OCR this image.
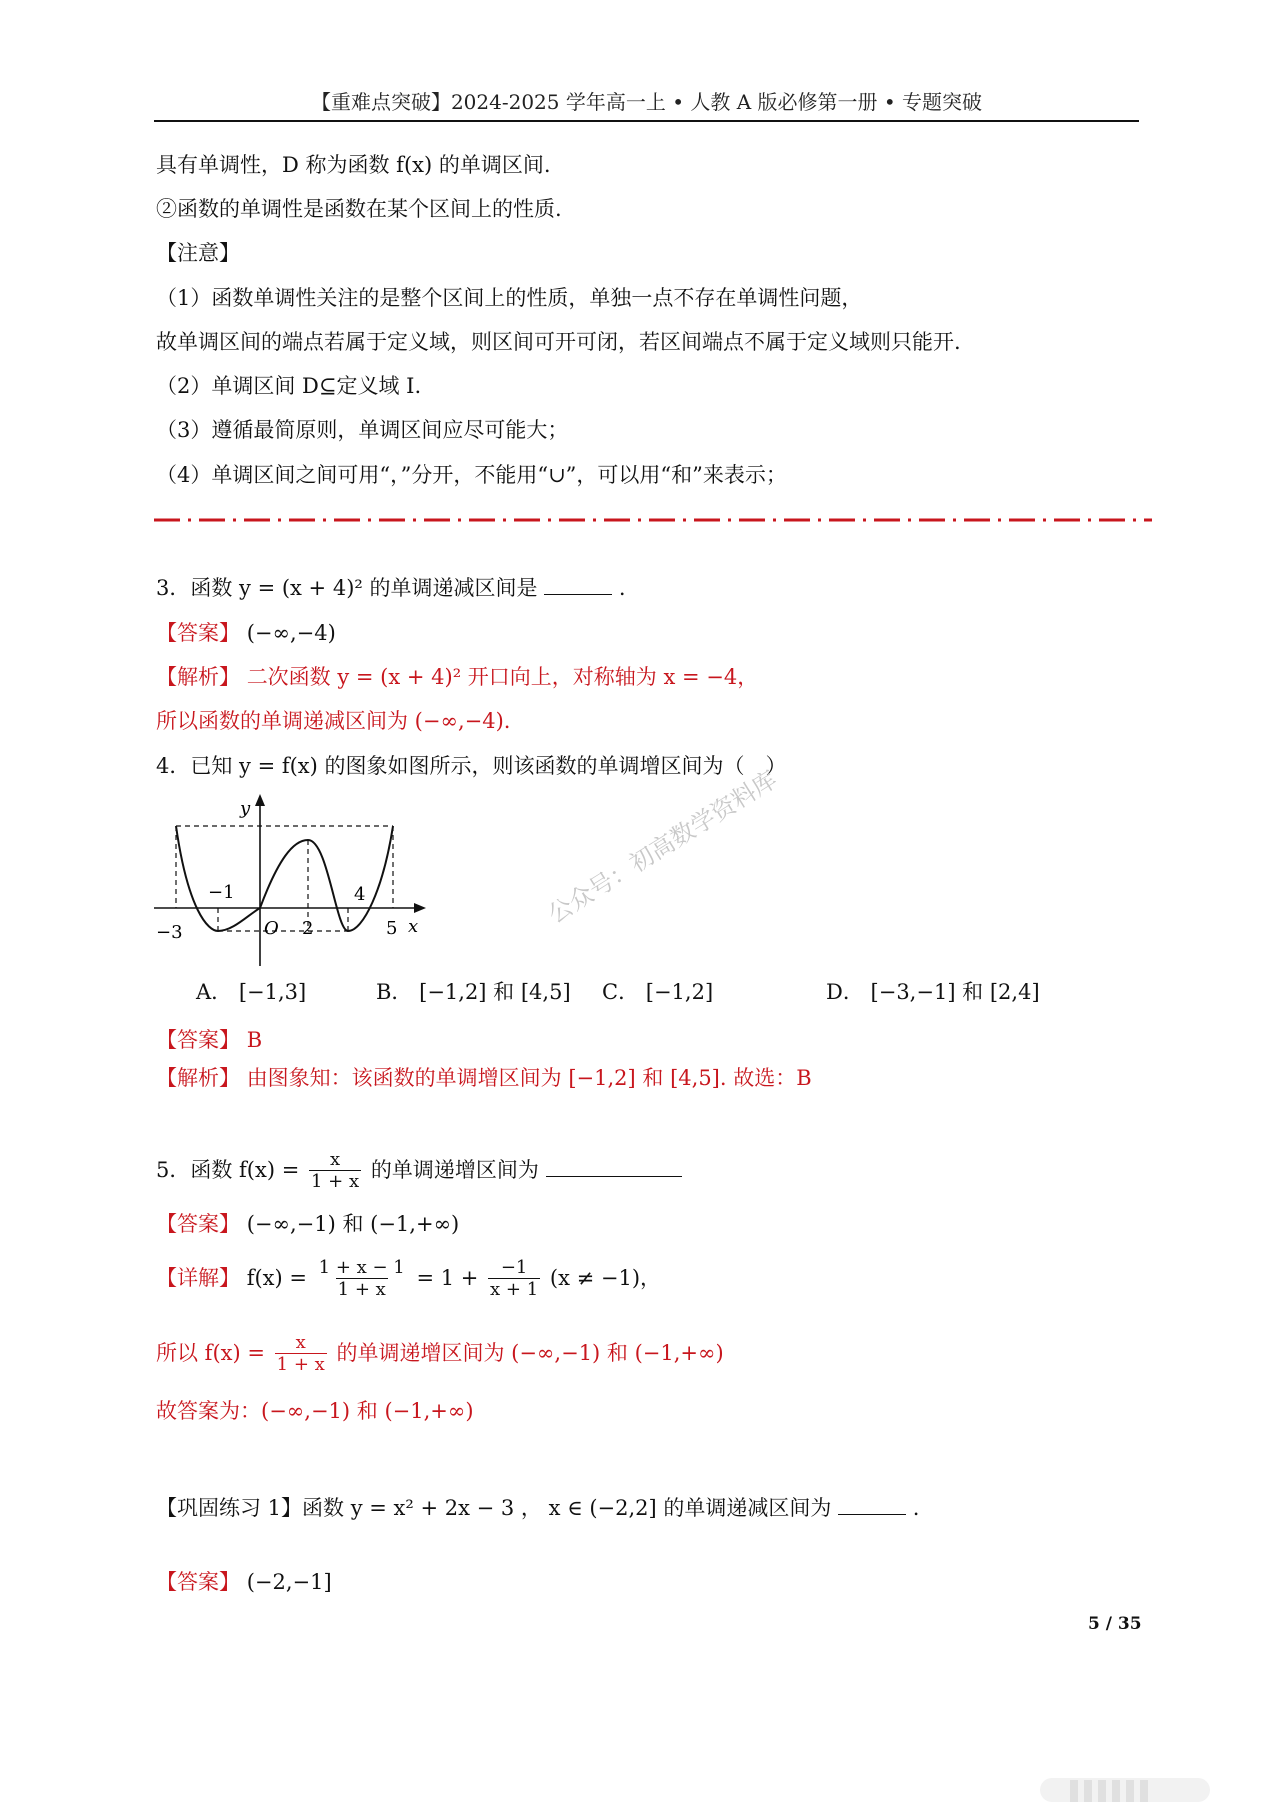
【重难点突破】2024-2025 学年高一上 • 人教 A 版必修第一册 • 专题突破
具有单调性，D 称为函数 f(x) 的单调区间.
②函数的单调性是函数在某个区间上的性质.
【注意】
（1）函数单调性关注的是整个区间上的性质，单独一点不存在单调性问题，
故单调区间的端点若属于定义域，则区间可开可闭，若区间端点不属于定义域则只能开.
（2）单调区间 D⊆定义域 I.
（3）遵循最简原则，单调区间应尽可能大；
（4）单调区间之间可用“，”分开，不能用“∪”，可以用“和”来表示；
3．函数 y = (x + 4)² 的单调递减区间是	.
【答案】 (−∞,−4)
【解析】 二次函数 y = (x + 4)² 开口向上，对称轴为 x = −4，
所以函数的单调递减区间为 (−∞,−4).
4．已知 y = f(x) 的图象如图所示，则该函数的单调增区间为（　）
y
x
O
−3
−1
2
4
5	公众号：初高数学资料库
A． [−1,3]	B． [−1,2] 和 [4,5] C． [−1,2]	D． [−3,−1] 和 [2,4]
【答案】 B
【解析】 由图象知：该函数的单调增区间为 [−1,2] 和 [4,5]. 故选：B
5．函数 $f(x) = \frac{x}{1 + x}$ 的单调递增区间为
【答案】 (−∞,−1) 和 (−1,+∞)
【详解】 $f(x) = \frac{1 + x - 1}{1 + x} = 1 + \frac{-1}{x + 1} (x \ne -1)$，
所以 $f(x) = \frac{x}{1 + x}$ 的单调递增区间为 (−∞,−1) 和 (−1,+∞)
故答案为：(−∞,−1) 和 (−1,+∞)
【巩固练习 1】函数 y = x² + 2x − 3 ， x ∈ (−2,2] 的单调递减区间为	.
【答案】 (−2,−1]
5 / 35
